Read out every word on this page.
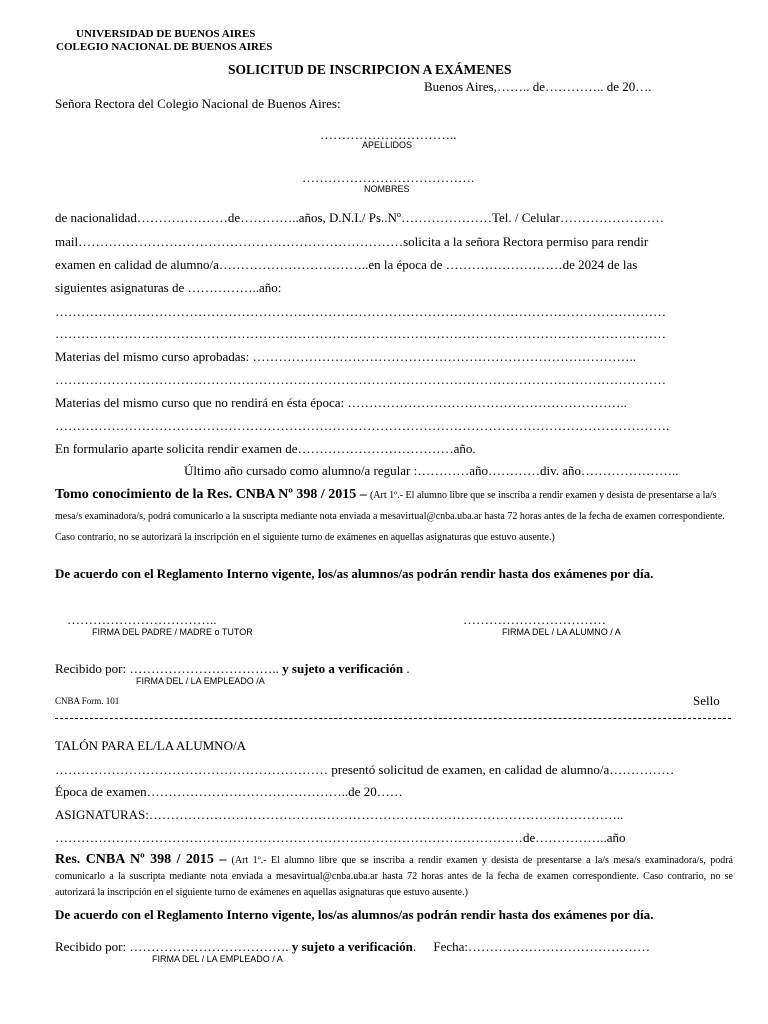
UNIVERSIDAD DE BUENOS AIRES
COLEGIO NACIONAL DE BUENOS AIRES
SOLICITUD DE INSCRIPCION A EXÁMENES
Buenos Aires,…….. de………….. de 20….
Señora Rectora del Colegio Nacional de Buenos Aires:
…………………………..
APELLIDOS
………………………………….
NOMBRES
de nacionalidad…………………de…………..años, D.N.I./ Ps..Nº…………………Tel. / Celular……………………
mail…………………………………………………………………solicita a la señora Rectora permiso para rendir
examen en calidad de alumno/a……………………………..en la época de ………………………de 2024 de las
siguientes asignaturas de ……………..año:
……………………………………………………………………………………………………………………………
……………………………………………………………………………………………………………………………
Materias del mismo curso aprobadas: ……………………………………………………………………………..
……………………………………………………………………………………………………………………………
Materias del mismo curso que no rendirá en ésta época: ………………………………………………………..
…………………………………………………………………………………………………………………………….
En formulario aparte solicita rendir examen de………………………………año.
Último año cursado como alumno/a regular :…………año…………div. año…………………..
Tomo conocimiento de la Res. CNBA Nº 398 / 2015 – (Art 1º.- El alumno libre que se inscriba a rendir examen y desista de presentarse a la/s mesa/s examinadora/s, podrá comunicarlo a la suscripta mediante nota enviada a mesavirtual@cnba.uba.ar hasta 72 horas antes de la fecha de examen correspondiente. Caso contrario, no se autorizará la inscripción en el siguiente turno de exámenes en aquellas asignaturas que estuvo ausente.)
De acuerdo con el Reglamento Interno vigente, los/as alumnos/as podrán rendir hasta dos exámenes por día.
……………………………..
FIRMA DEL PADRE / MADRE o TUTOR
……………………………
FIRMA DEL / LA ALUMNO / A
Recibido por: …………………………….. y sujeto a verificación .
FIRMA DEL / LA EMPLEADO /A
CNBA Form. 101	Sello
TALÓN PARA EL/LA ALUMNO/A
……………………………………………………… presentó solicitud de examen, en calidad de alumno/a……………
Época de examen………………………………………..de 20……
ASIGNATURAS:………………………………………………………………………………………………..
………………………………………………………………………………………………de……………..año
Res. CNBA Nº 398 / 2015 – (Art 1º.- El alumno libre que se inscriba a rendir examen y desista de presentarse a la/s mesa/s examinadora/s, podrá comunicarlo a la suscripta mediante nota enviada a mesavirtual@cnba.uba.ar hasta 72 horas antes de la fecha de examen correspondiente. Caso contrario, no se autorizará la inscripción en el siguiente turno de exámenes en aquellas asignaturas que estuvo ausente.)
De acuerdo con el Reglamento Interno vigente, los/as alumnos/as podrán rendir hasta dos exámenes por día.
Recibido por: ………………………………. y sujeto a verificación. Fecha:……………………………………
FIRMA DEL / LA EMPLEADO / A
